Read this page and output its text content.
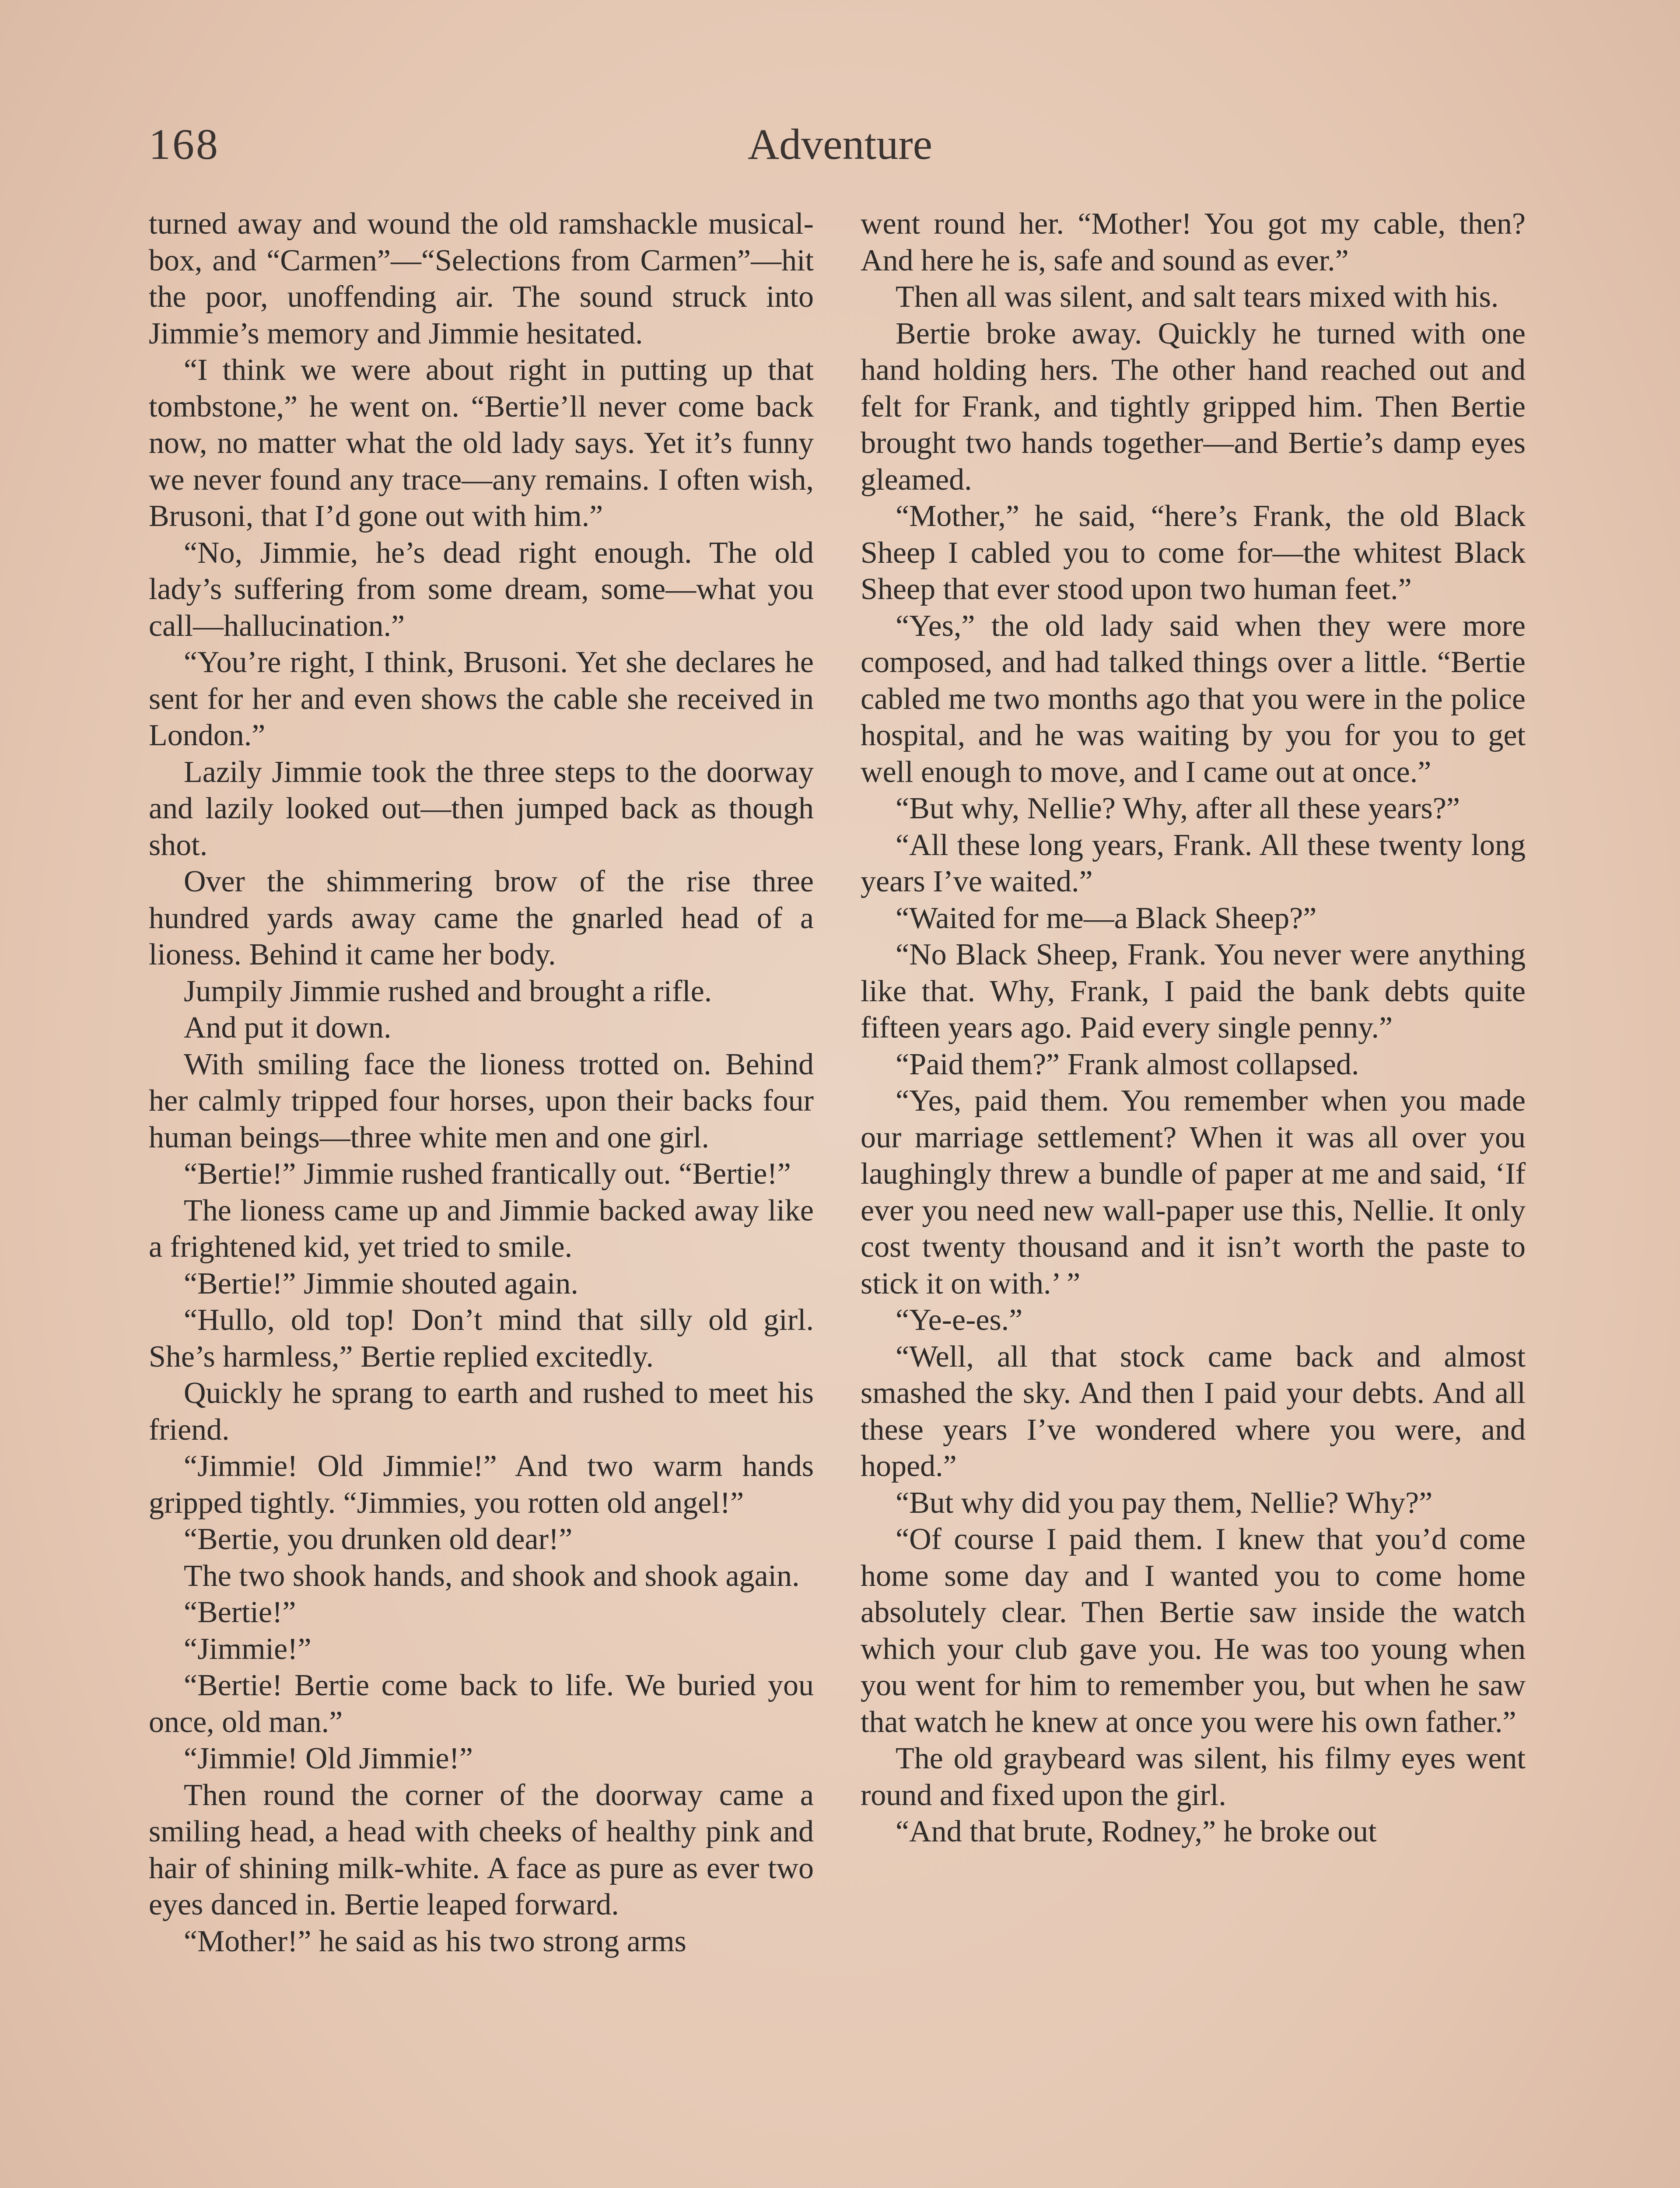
168	Adventure

turned away and wound the old ramshackle musical-box, and “Carmen”—“Selections from Carmen”—hit the poor, unoffending air. The sound struck into Jimmie’s memory and Jimmie hesitated.

“I think we were about right in putting up that tombstone,” he went on. “Bertie’ll never come back now, no matter what the old lady says. Yet it’s funny we never found any trace—any remains. I often wish, Brusoni, that I’d gone out with him.”

“No, Jimmie, he’s dead right enough. The old lady’s suffering from some dream, some—what you call—hallucination.”

“You’re right, I think, Brusoni. Yet she declares he sent for her and even shows the cable she received in London.”

Lazily Jimmie took the three steps to the doorway and lazily looked out—then jumped back as though shot.

Over the shimmering brow of the rise three hundred yards away came the gnarled head of a lioness. Behind it came her body.

Jumpily Jimmie rushed and brought a rifle.

And put it down.

With smiling face the lioness trotted on. Behind her calmly tripped four horses, upon their backs four human beings—three white men and one girl.

“Bertie!” Jimmie rushed frantically out. “Bertie!”

The lioness came up and Jimmie backed away like a frightened kid, yet tried to smile.

“Bertie!” Jimmie shouted again.

“Hullo, old top! Don’t mind that silly old girl. She’s harmless,” Bertie replied excitedly.

Quickly he sprang to earth and rushed to meet his friend.

“Jimmie! Old Jimmie!” And two warm hands gripped tightly. “Jimmies, you rotten old angel!”

“Bertie, you drunken old dear!”

The two shook hands, and shook and shook again.

“Bertie!”

“Jimmie!”

“Bertie! Bertie come back to life. We buried you once, old man.”

“Jimmie! Old Jimmie!”

Then round the corner of the doorway came a smiling head, a head with cheeks of healthy pink and hair of shining milk-white. A face as pure as ever two eyes danced in. Bertie leaped forward.

“Mother!” he said as his two strong arms

went round her. “Mother! You got my cable, then? And here he is, safe and sound as ever.”

Then all was silent, and salt tears mixed with his.

Bertie broke away. Quickly he turned with one hand holding hers. The other hand reached out and felt for Frank, and tightly gripped him. Then Bertie brought two hands together—and Bertie’s damp eyes gleamed.

“Mother,” he said, “here’s Frank, the old Black Sheep I cabled you to come for—the whitest Black Sheep that ever stood upon two human feet.”

“Yes,” the old lady said when they were more composed, and had talked things over a little. “Bertie cabled me two months ago that you were in the police hospital, and he was waiting by you for you to get well enough to move, and I came out at once.”

“But why, Nellie? Why, after all these years?”

“All these long years, Frank. All these twenty long years I’ve waited.”

“Waited for me—a Black Sheep?”

“No Black Sheep, Frank. You never were anything like that. Why, Frank, I paid the bank debts quite fifteen years ago. Paid every single penny.”

“Paid them?” Frank almost collapsed.

“Yes, paid them. You remember when you made our marriage settlement? When it was all over you laughingly threw a bundle of paper at me and said, ‘If ever you need new wall-paper use this, Nellie. It only cost twenty thousand and it isn’t worth the paste to stick it on with.’ ”

“Ye-e-es.”

“Well, all that stock came back and almost smashed the sky. And then I paid your debts. And all these years I’ve wondered where you were, and hoped.”

“But why did you pay them, Nellie? Why?”

“Of course I paid them. I knew that you’d come home some day and I wanted you to come home absolutely clear. Then Bertie saw inside the watch which your club gave you. He was too young when you went for him to remember you, but when he saw that watch he knew at once you were his own father.”

The old graybeard was silent, his filmy eyes went round and fixed upon the girl.

“And that brute, Rodney,” he broke out
